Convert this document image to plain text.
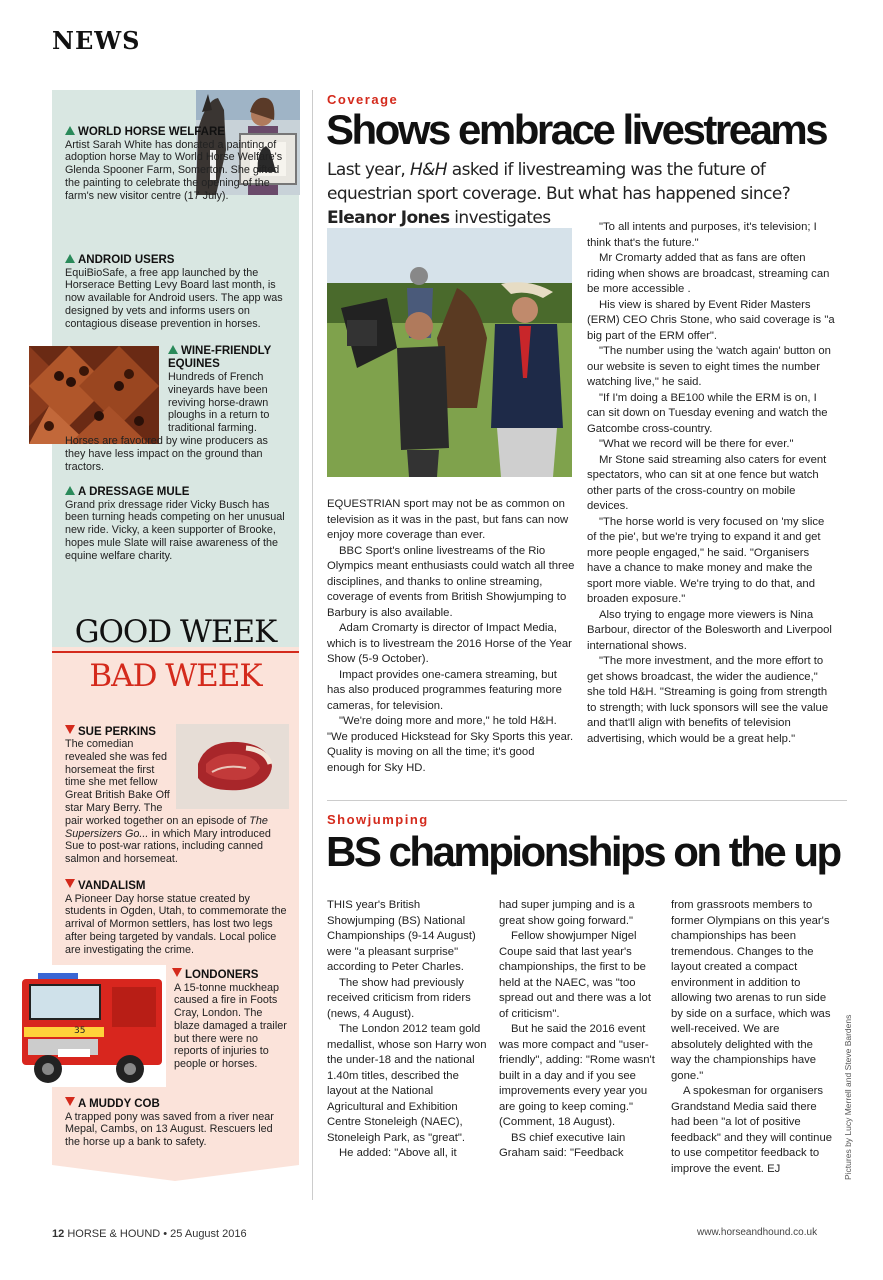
NEWS
WORLD HORSE WELFARE
Artist Sarah White has donated a painting of adoption horse May to World Horse Welfare's Glenda Spooner Farm, Somerton. She gifted the painting to celebrate the opening of the farm's new visitor centre (17 July).
ANDROID USERS
EquiBioSafe, a free app launched by the Horserace Betting Levy Board last month, is now available for Android users. The app was designed by vets and informs users on contagious disease prevention in horses.
WINE-FRIENDLY EQUINES
Hundreds of French vineyards have been reviving horse-drawn ploughs in a return to traditional farming. Horses are favoured by wine producers as they have less impact on the ground than tractors.
A DRESSAGE MULE
Grand prix dressage rider Vicky Busch has been turning heads competing on her unusual new ride. Vicky, a keen supporter of Brooke, hopes mule Slate will raise awareness of the equine welfare charity.
GOOD WEEK
BAD WEEK
SUE PERKINS
The comedian revealed she was fed horsemeat the first time she met fellow Great British Bake Off star Mary Berry. The pair worked together on an episode of The Supersizers Go... in which Mary introduced Sue to post-war rations, including canned salmon and horsemeat.
VANDALISM
A Pioneer Day horse statue created by students in Ogden, Utah, to commemorate the arrival of Mormon settlers, has lost two legs after being targeted by vandals. Local police are investigating the crime.
35
LONDONERS
A 15-tonne muckheap caused a fire in Foots Cray, London. The blaze damaged a trailer but there were no reports of injuries to people or horses.
A MUDDY COB
A trapped pony was saved from a river near Mepal, Cambs, on 13 August. Rescuers led the horse up a bank to safety.
Coverage
Shows embrace livestreams
Last year, H&H asked if livestreaming was the future of equestrian sport coverage. But what has happened since? Eleanor Jones investigates

EQUESTRIAN sport may not be as common on television as it was in the past, but fans can now enjoy more coverage than ever.

BBC Sport's online livestreams of the Rio Olympics meant enthusiasts could watch all three disciplines, and thanks to online streaming, coverage of events from British Showjumping to Barbury is also available.

Adam Cromarty is director of Impact Media, which is to livestream the 2016 Horse of the Year Show (5-9 October).

Impact provides one-camera streaming, but has also produced programmes featuring more cameras, for television.

"We're doing more and more," he told H&H. "We produced Hickstead for Sky Sports this year. Quality is moving on all the time; it's good enough for Sky HD.

"To all intents and purposes, it's television; I think that's the future."

Mr Cromarty added that as fans are often riding when shows are broadcast, streaming can be more accessible .

His view is shared by Event Rider Masters (ERM) CEO Chris Stone, who said coverage is "a big part of the ERM offer".

"The number using the 'watch again' button on our website is seven to eight times the number watching live," he said.

"If I'm doing a BE100 while the ERM is on, I can sit down on Tuesday evening and watch the Gatcombe cross-country.

"What we record will be there for ever."

Mr Stone said streaming also caters for event spectators, who can sit at one fence but watch other parts of the cross-country on mobile devices.

"The horse world is very focused on 'my slice of the pie', but we're trying to expand it and get more people engaged," he said. "Organisers have a chance to make money and make the sport more viable. We're trying to do that, and broaden exposure."

Also trying to engage more viewers is Nina Barbour, director of the Bolesworth and Liverpool international shows.

"The more investment, and the more effort to get shows broadcast, the wider the audience," she told H&H. "Streaming is going from strength to strength; with luck sponsors will see the value and that'll align with benefits of television advertising, which would be a great help."

Showjumping
BS championships on the up

THIS year's British Showjumping (BS) National Championships (9-14 August) were "a pleasant surprise" according to Peter Charles.

The show had previously received criticism from riders (news, 4 August).

The London 2012 team gold medallist, whose son Harry won the under-18 and the national 1.40m titles, described the layout at the National Agricultural and Exhibition Centre Stoneleigh (NAEC), Stoneleigh Park, as "great".

He added: "Above all, it

had super jumping and is a great show going forward."

Fellow showjumper Nigel Coupe said that last year's championships, the first to be held at the NAEC, was "too spread out and there was a lot of criticism".

But he said the 2016 event was more compact and "user-friendly", adding: "Rome wasn't built in a day and if you see improvements every year you are going to keep coming." (Comment, 18 August).

BS chief executive Iain Graham said: "Feedback

from grassroots members to former Olympians on this year's championships has been tremendous. Changes to the layout created a compact environment in addition to allowing two arenas to run side by side on a surface, which was well-received. We are absolutely delighted with the way the championships have gone."

A spokesman for organisers Grandstand Media said there had been "a lot of positive feedback" and they will continue to use competitor feedback to improve the event. EJ	Pictures by Lucy Merrell and Steve Bardens
12 HORSE & HOUND • 25 August 2016	www.horseandhound.co.uk
